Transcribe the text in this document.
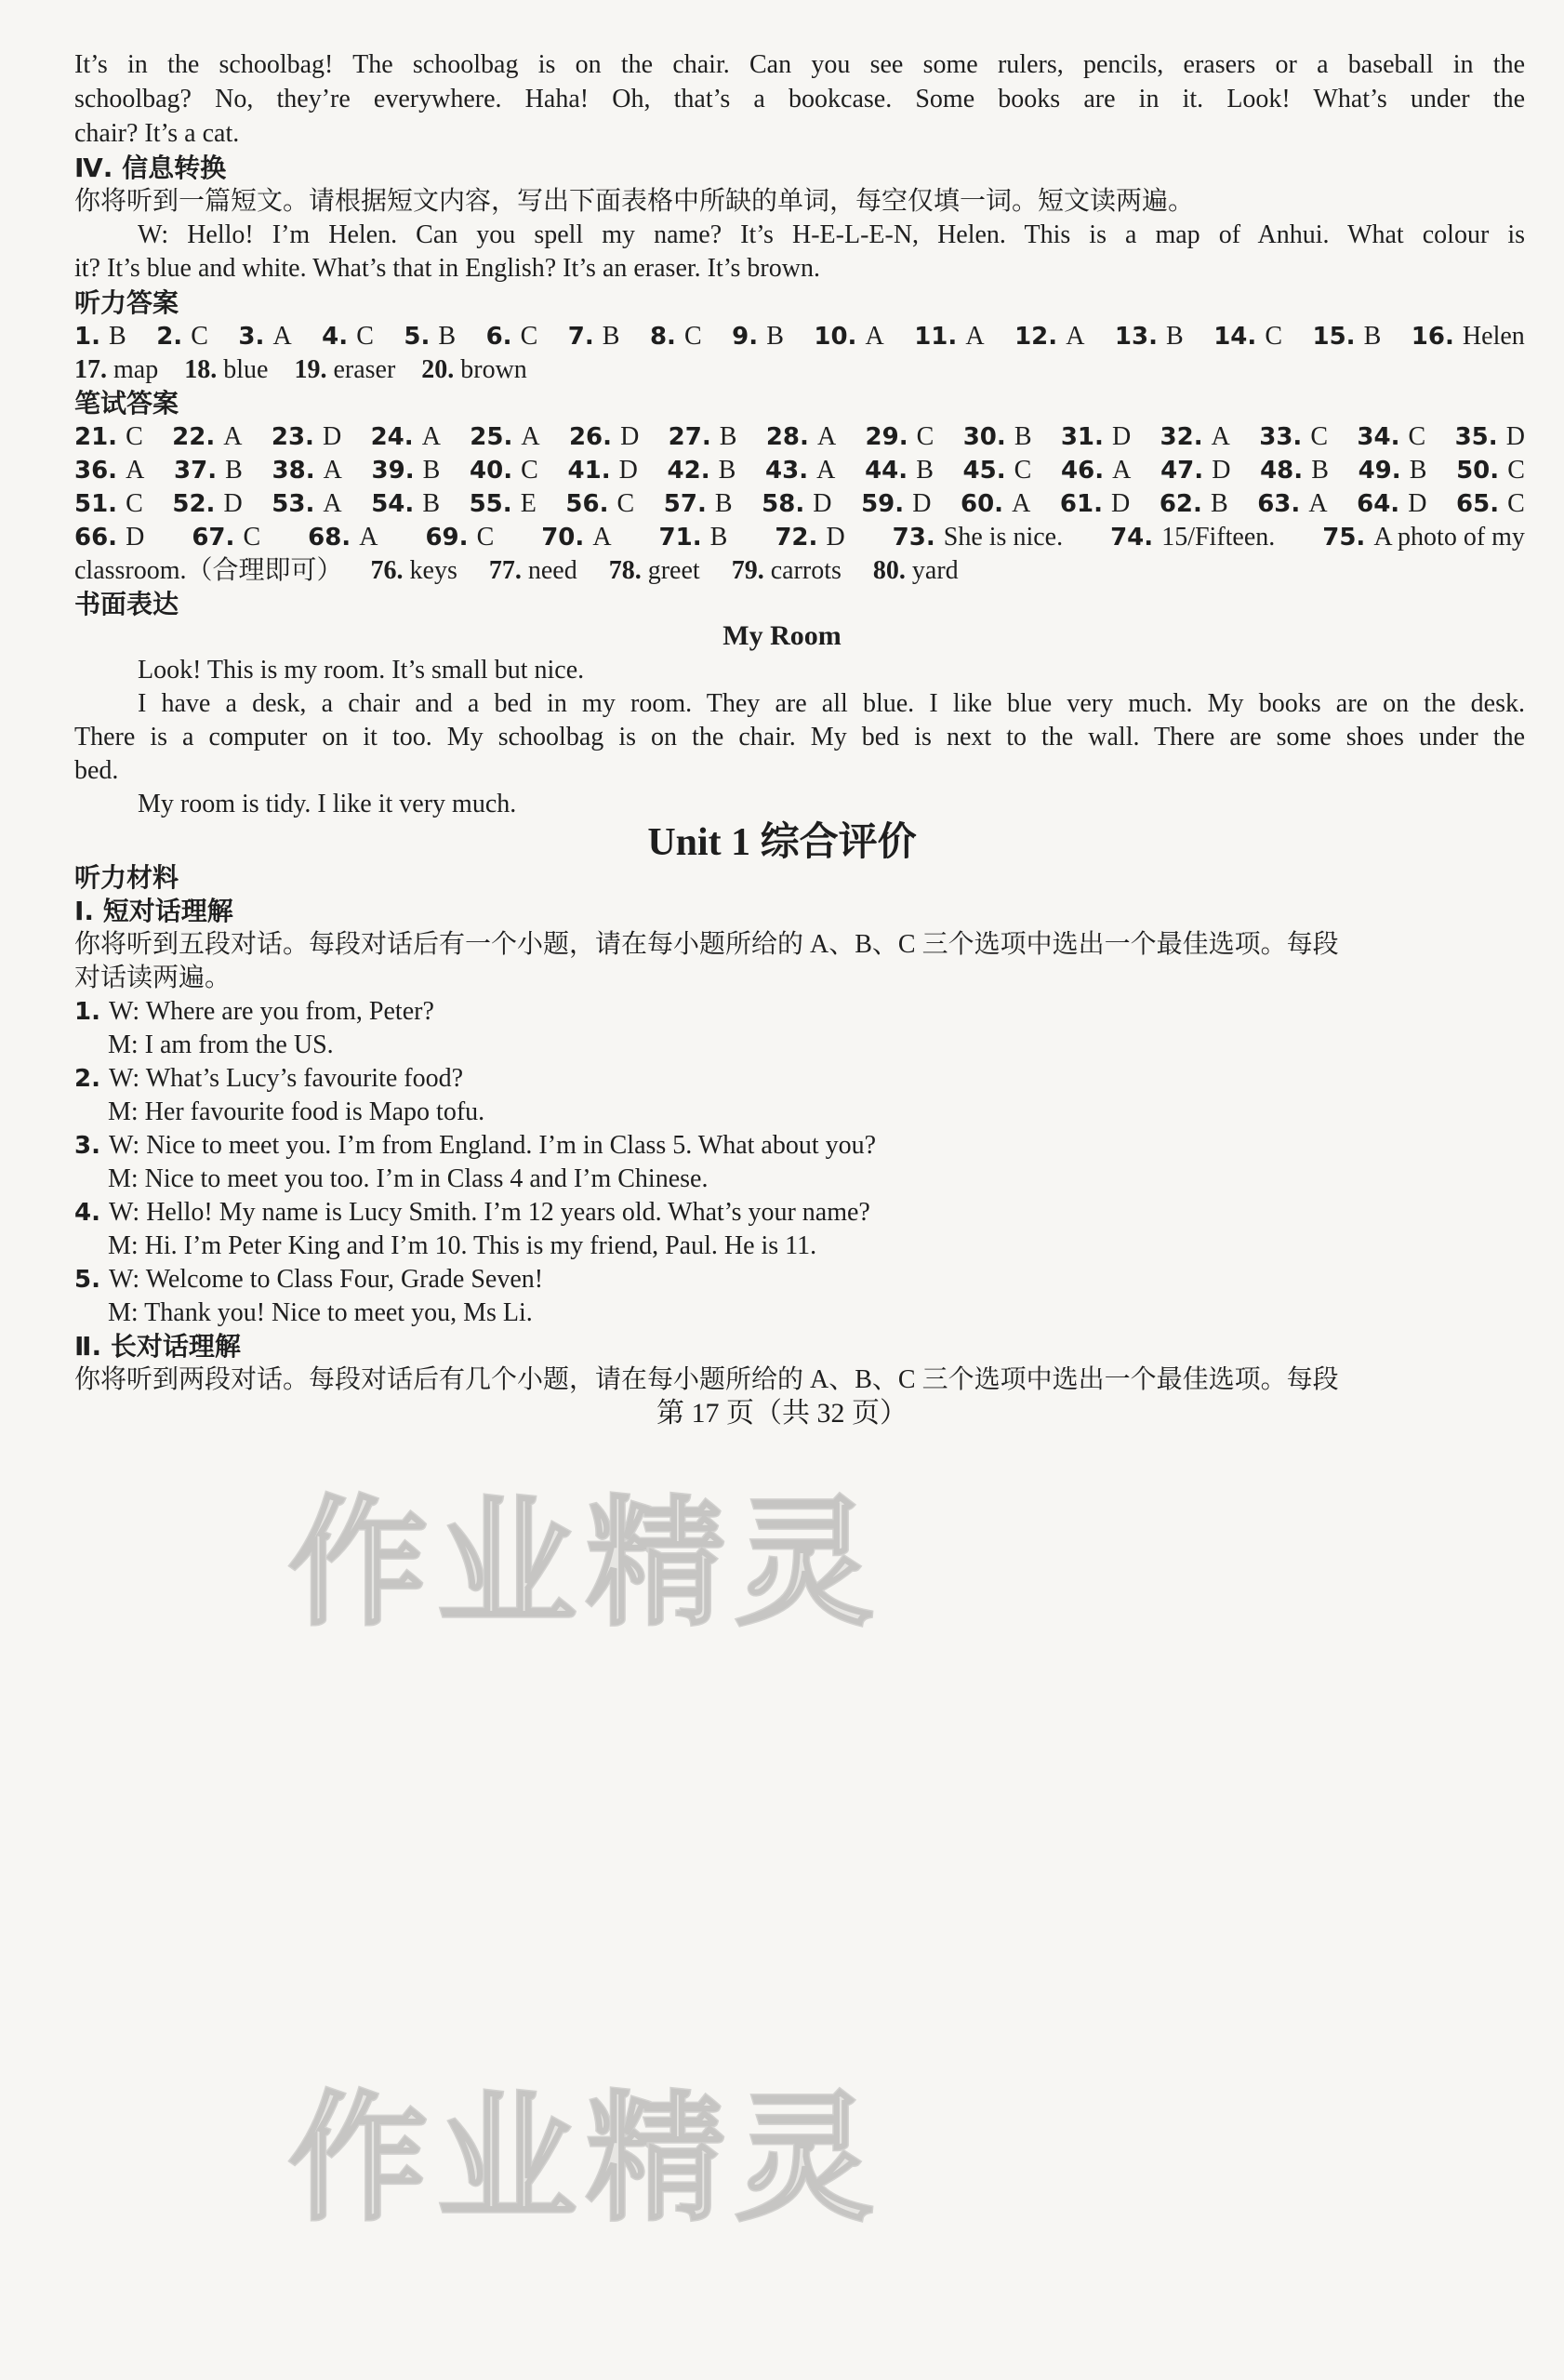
It’s in the schoolbag! The schoolbag is on the chair. Can you see some rulers, pencils, erasers or a baseball in the
schoolbag? No, they’re everywhere. Haha! Oh, that’s a bookcase. Some books are in it. Look! What’s under the
chair? It’s a cat.
Ⅳ. 信息转换
你将听到一篇短文。请根据短文内容，写出下面表格中所缺的单词，每空仅填一词。短文读两遍。
W: Hello! I’m Helen. Can you spell my name? It’s H-E-L-E-N, Helen. This is a map of Anhui. What colour is
it? It’s blue and white. What’s that in English? It’s an eraser. It’s brown.
听力答案
1. B 2. C 3. A 4. C 5. B 6. C 7. B 8. C 9. B 10. A 11. A 12. A 13. B 14. C 15. B 16. Helen
17. map 18. blue 19. eraser 20. brown
笔试答案
21. C 22. A 23. D 24. A 25. A 26. D 27. B 28. A 29. C 30. B 31. D 32. A 33. C 34. C 35. D
36. A 37. B 38. A 39. B 40. C 41. D 42. B 43. A 44. B 45. C 46. A 47. D 48. B 49. B 50. C
51. C 52. D 53. A 54. B 55. E 56. C 57. B 58. D 59. D 60. A 61. D 62. B 63. A 64. D 65. C
66. D 67. C 68. A 69. C 70. A 71. B 72. D 73. She is nice. 74. 15/Fifteen. 75. A photo of my
classroom.（合理即可） 76. keys 77. need 78. greet 79. carrots 80. yard
书面表达
My Room
Look! This is my room. It’s small but nice.
I have a desk, a chair and a bed in my room. They are all blue. I like blue very much. My books are on the desk.
There is a computer on it too. My schoolbag is on the chair. My bed is next to the wall. There are some shoes under the
bed.
My room is tidy. I like it very much.
Unit 1 综合评价
听力材料
Ⅰ. 短对话理解
你将听到五段对话。每段对话后有一个小题，请在每小题所给的 A、B、C 三个选项中选出一个最佳选项。每段
对话读两遍。
1. W: Where are you from, Peter?
M: I am from the US.
2. W: What’s Lucy’s favourite food?
M: Her favourite food is Mapo tofu.
3. W: Nice to meet you. I’m from England. I’m in Class 5. What about you?
M: Nice to meet you too. I’m in Class 4 and I’m Chinese.
4. W: Hello! My name is Lucy Smith. I’m 12 years old. What’s your name?
M: Hi. I’m Peter King and I’m 10. This is my friend, Paul. He is 11.
5. W: Welcome to Class Four, Grade Seven!
M: Thank you! Nice to meet you, Ms Li.
Ⅱ. 长对话理解
你将听到两段对话。每段对话后有几个小题，请在每小题所给的 A、B、C 三个选项中选出一个最佳选项。每段
第 17 页（共 32 页）
作业精灵
作业精灵
